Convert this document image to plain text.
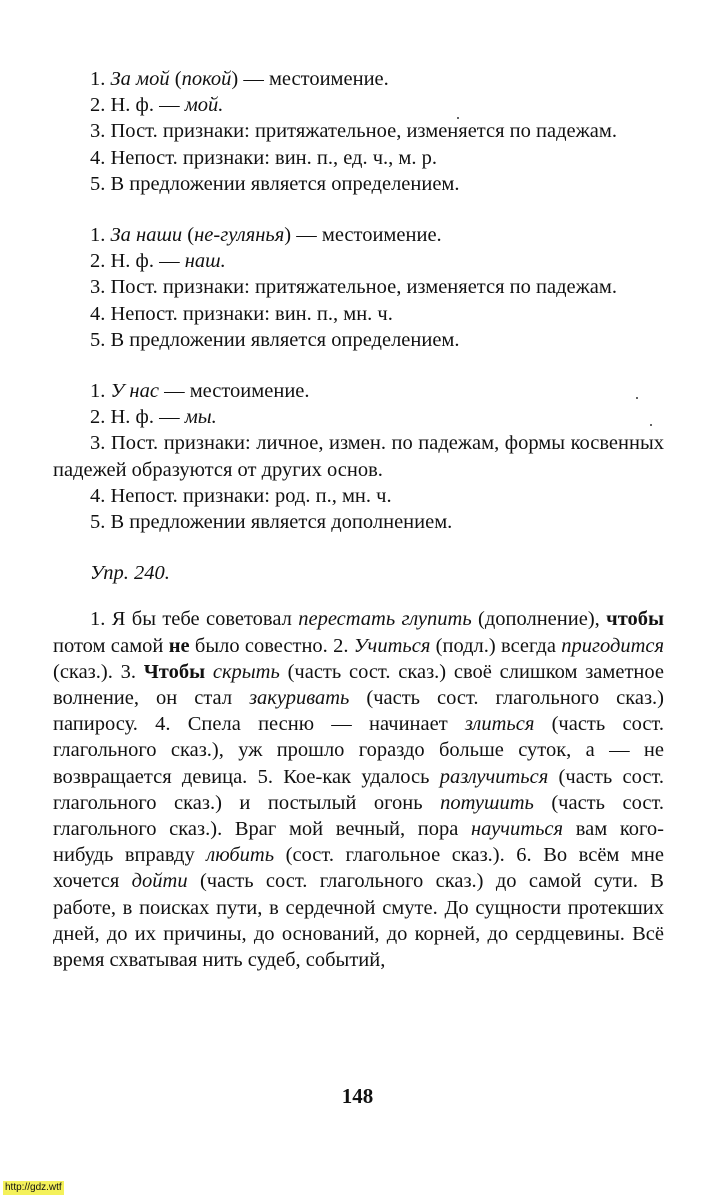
1. За мой (покой) — местоимение.
2. Н. ф. — мой.
3. Пост. признаки: притяжательное, изменяется по падежам.
4. Непост. признаки: вин. п., ед. ч., м. р.
5. В предложении является определением.
1. За наши (не-гулянья) — местоимение.
2. Н. ф. — наш.
3. Пост. признаки: притяжательное, изменяется по падежам.
4. Непост. признаки: вин. п., мн. ч.
5. В предложении является определением.
1. У нас — местоимение.
2. Н. ф. — мы.
3. Пост. признаки: личное, измен. по падежам, формы косвенных падежей образуются от других основ.
4. Непост. признаки: род. п., мн. ч.
5. В предложении является дополнением.
Упр. 240.

1. Я бы тебе советовал перестать глупить (дополнение), чтобы потом самой не было совестно. 2. Учиться (подл.) всегда пригодится (сказ.). 3. Чтобы скрыть (часть сост. сказ.) своё слишком заметное волнение, он стал закуривать (часть сост. глагольного сказ.) папиросу. 4. Спела песню — начинает злиться (часть сост. глагольного сказ.), уж прошло гораздо больше суток, а — не возвращается девица. 5. Кое-как удалось разлучиться (часть сост. глагольного сказ.) и постылый огонь потушить (часть сост. глагольного сказ.). Враг мой вечный, пора научиться вам кого-нибудь вправду любить (сост. глагольное сказ.). 6. Во всём мне хочется дойти (часть сост. глагольного сказ.) до самой сути. В работе, в поисках пути, в сердечной смуте. До сущности протекших дней, до их причины, до оснований, до корней, до сердцевины. Всё время схватывая нить судеб, событий,

148
http://gdz.wtf
